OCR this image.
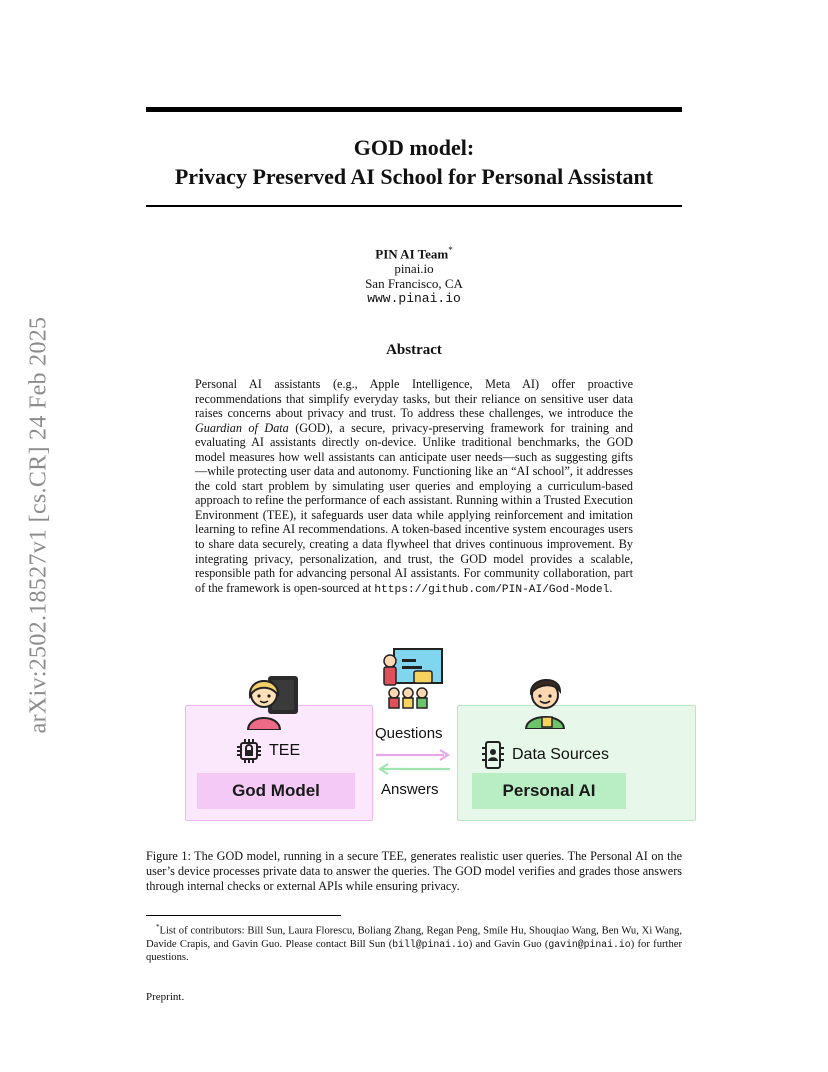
arXiv:2502.18527v1 [cs.CR] 24 Feb 2025
GOD model:
Privacy Preserved AI School for Personal Assistant
PIN AI Team*
pinai.io
San Francisco, CA
www.pinai.io
Abstract

Personal AI assistants (e.g., Apple Intelligence, Meta AI) offer proactive recommendations that simplify everyday tasks, but their reliance on sensitive user data raises concerns about privacy and trust. To address these challenges, we introduce the Guardian of Data (GOD), a secure, privacy-preserving framework for training and evaluating AI assistants directly on-device. Unlike traditional benchmarks, the GOD model measures how well assistants can anticipate user needs—such as suggesting gifts—while protecting user data and autonomy. Functioning like an “AI school”, it addresses the cold start problem by simulating user queries and employing a curriculum-based approach to refine the performance of each assistant. Running within a Trusted Execution Environment (TEE), it safeguards user data while applying reinforcement and imitation learning to refine AI recommendations. A token-based incentive system encourages users to share data securely, creating a data flywheel that drives continuous improvement. By integrating privacy, personalization, and trust, the GOD model provides a scalable, responsible path for advancing personal AI assistants. For community collaboration, part of the framework is open-sourced at https://github.com/PIN-AI/God-Model.

TEE	Data Sources
God Model	Personal AI
Questions
Answers

Figure 1: The GOD model, running in a secure TEE, generates realistic user queries. The Personal AI on the user’s device processes private data to answer the queries. The GOD model verifies and grades those answers through internal checks or external APIs while ensuring privacy.

*List of contributors: Bill Sun, Laura Florescu, Boliang Zhang, Regan Peng, Smile Hu, Shouqiao Wang, Ben Wu, Xi Wang, Davide Crapis, and Gavin Guo. Please contact Bill Sun (bill@pinai.io) and Gavin Guo (gavin@pinai.io) for further questions.

Preprint.
